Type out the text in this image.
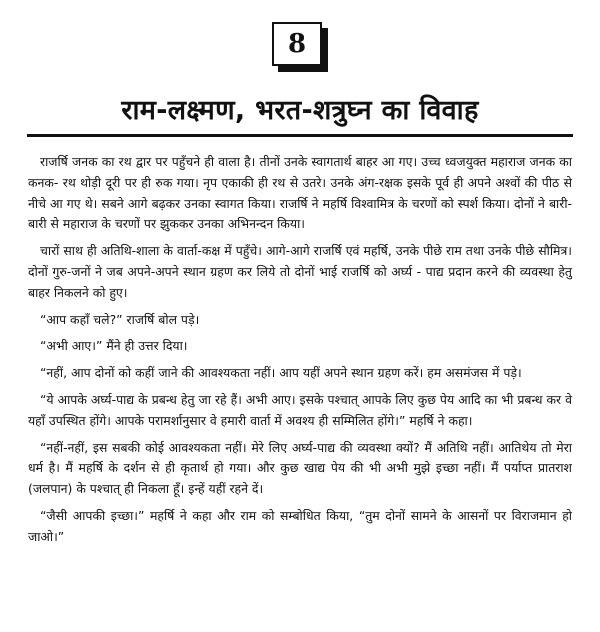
8
राम-लक्ष्मण, भरत-शत्रुघ्न का विवाह

राजर्षि जनक का रथ द्वार पर पहुँचने ही वाला है। तीनों उनके स्वागतार्थ बाहर आ गए। उच्च ध्वजयुक्त महाराज जनक का कनक- रथ थोड़ी दूरी पर ही रुक गया। नृप एकाकी ही रथ से उतरे। उनके अंग-रक्षक इसके पूर्व ही अपने अश्वों की पीठ से नीचे आ गए थे। सबने आगे बढ़कर उनका स्वागत किया। राजर्षि ने महर्षि विश्वामित्र के चरणों को स्पर्श किया। दोनों ने बारी-बारी से महाराज के चरणों पर झुककर उनका अभिनन्दन किया।

चारों साथ ही अतिथि-शाला के वार्ता-कक्ष में पहुँचे। आगे-आगे राजर्षि एवं महर्षि, उनके पीछे राम तथा उनके पीछे सौमित्र। दोनों गुरु-जनों ने जब अपने-अपने स्थान ग्रहण कर लिये तो दोनों भाई राजर्षि को अर्घ्य - पाद्य प्रदान करने की व्यवस्था हेतु बाहर निकलने को हुए।

“आप कहाँ चले?” राजर्षि बोल पड़े।

“अभी आए।” मैंने ही उत्तर दिया।

“नहीं, आप दोनों को कहीं जाने की आवश्यकता नहीं। आप यहीं अपने स्थान ग्रहण करें। हम असमंजस में पड़े।

“ये आपके अर्घ्य-पाद्य के प्रबन्ध हेतु जा रहे हैं। अभी आए। इसके पश्चात् आपके लिए कुछ पेय आदि का भी प्रबन्ध कर वे यहाँ उपस्थित होंगे। आपके परामर्शानुसार वे हमारी वार्ता में अवश्य ही सम्मिलित होंगे।” महर्षि ने कहा।

“नहीं-नहीं, इस सबकी कोई आवश्यकता नहीं। मेरे लिए अर्घ्य-पाद्य की व्यवस्था क्यों? मैं अतिथि नहीं। आतिथेय तो मेरा धर्म है। मैं महर्षि के दर्शन से ही कृतार्थ हो गया। और कुछ खाद्य पेय की भी अभी मुझे इच्छा नहीं। मैं पर्याप्त प्रातराश (जलपान) के पश्चात् ही निकला हूँ। इन्हें यहीं रहने दें।

“जैसी आपकी इच्छा।” महर्षि ने कहा और राम को सम्बोधित किया, “तुम दोनों सामने के आसनों पर विराजमान हो जाओ।”
